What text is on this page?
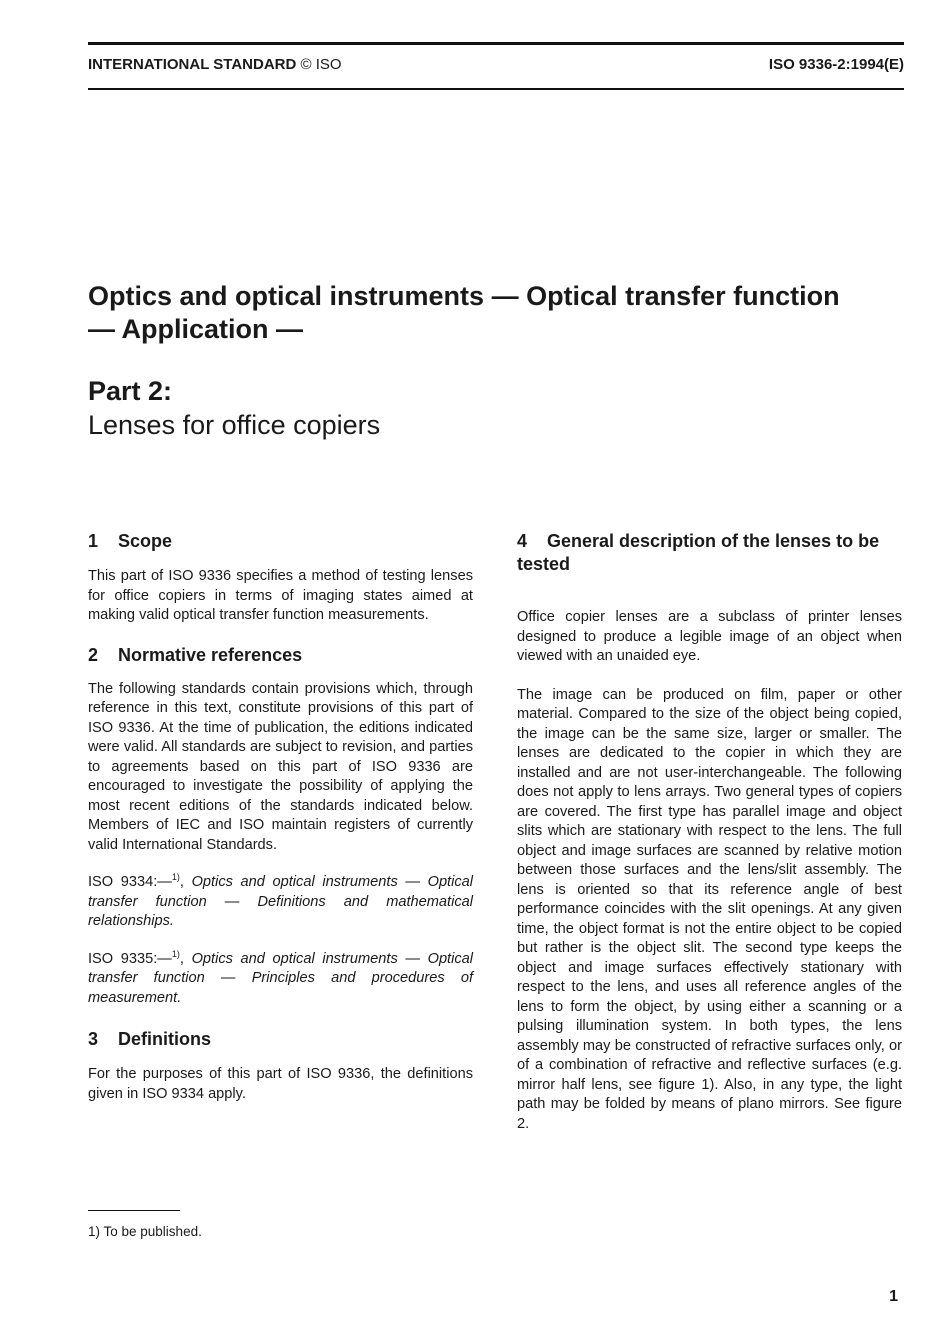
INTERNATIONAL STANDARD © ISO	ISO 9336-2:1994(E)
Optics and optical instruments — Optical transfer function — Application —
Part 2:
Lenses for office copiers
1 Scope

This part of ISO 9336 specifies a method of testing lenses for office copiers in terms of imaging states aimed at making valid optical transfer function measurements.

2 Normative references

The following standards contain provisions which, through reference in this text, constitute provisions of this part of ISO 9336. At the time of publication, the editions indicated were valid. All standards are subject to revision, and parties to agreements based on this part of ISO 9336 are encouraged to investigate the possibility of applying the most recent editions of the standards indicated below. Members of IEC and ISO maintain registers of currently valid International Standards.

ISO 9334:—$^{1)}$, Optics and optical instruments — Optical transfer function — Definitions and mathematical relationships.

ISO 9335:—$^{1)}$, Optics and optical instruments — Optical transfer function — Principles and procedures of measurement.

3 Definitions

For the purposes of this part of ISO 9336, the definitions given in ISO 9334 apply.

4 General description of the lenses to be tested

Office copier lenses are a subclass of printer lenses designed to produce a legible image of an object when viewed with an unaided eye.

The image can be produced on film, paper or other material. Compared to the size of the object being copied, the image can be the same size, larger or smaller. The lenses are dedicated to the copier in which they are installed and are not user-interchangeable. The following does not apply to lens arrays. Two general types of copiers are covered. The first type has parallel image and object slits which are stationary with respect to the lens. The full object and image surfaces are scanned by relative motion between those surfaces and the lens/slit assembly. The lens is oriented so that its reference angle of best performance coincides with the slit openings. At any given time, the object format is not the entire object to be copied but rather is the object slit. The second type keeps the object and image surfaces effectively stationary with respect to the lens, and uses all reference angles of the lens to form the object, by using either a scanning or a pulsing illumination system. In both types, the lens assembly may be constructed of refractive surfaces only, or of a combination of refractive and reflective surfaces (e.g. mirror half lens, see figure 1). Also, in any type, the light path may be folded by means of plano mirrors. See figure 2.

1) To be published.
1
